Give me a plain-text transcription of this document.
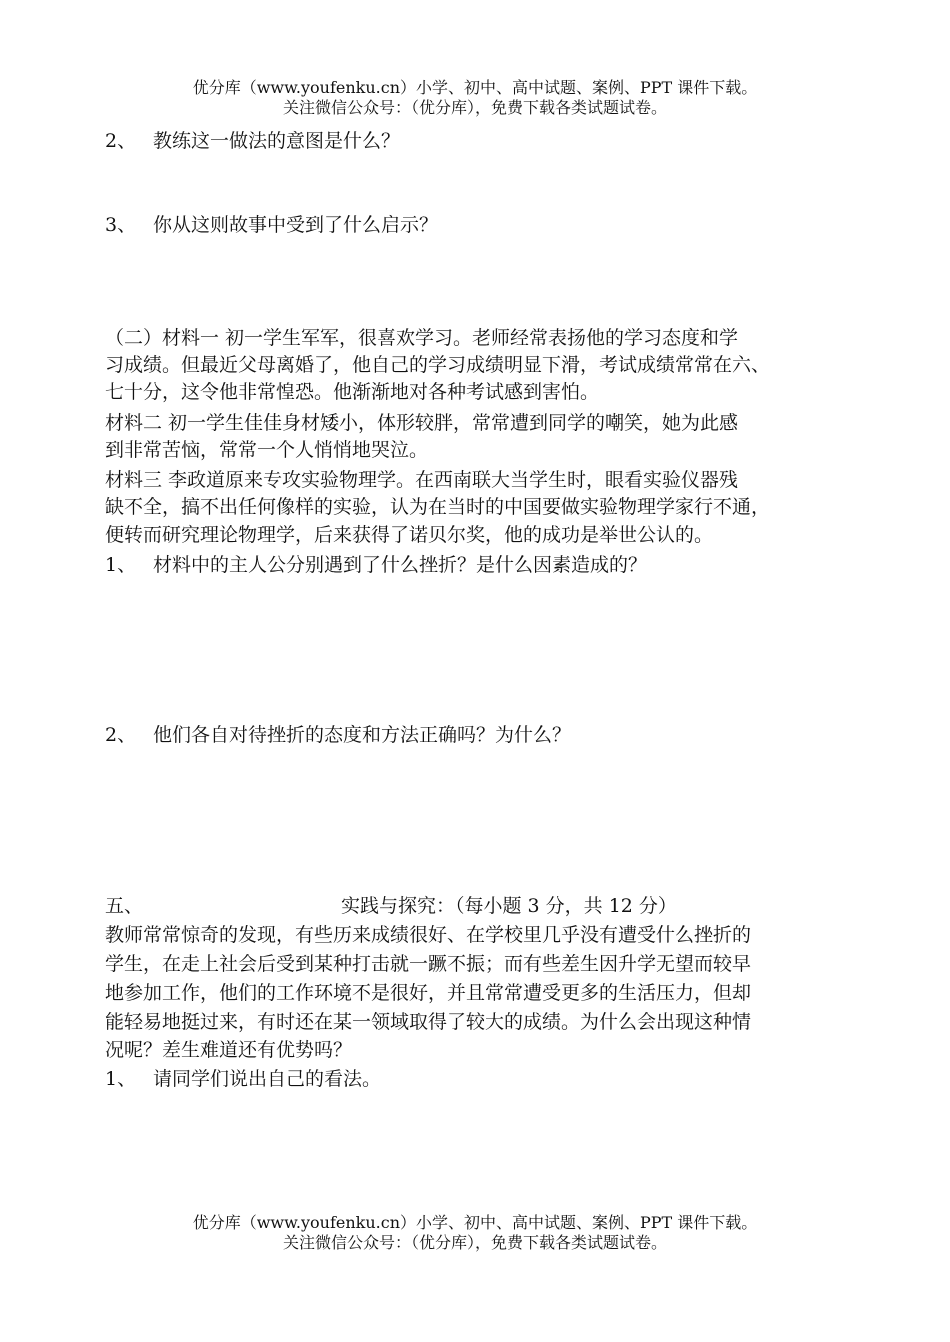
优分库（www.youfenku.cn）小学、初中、高中试题、案例、PPT 课件下载。
关注微信公众号：（优分库），免费下载各类试题试卷。
2、 教练这一做法的意图是什么？
3、 你从这则故事中受到了什么启示？
（二）材料一 初一学生军军，很喜欢学习。老师经常表扬他的学习态度和学
习成绩。但最近父母离婚了，他自己的学习成绩明显下滑，考试成绩常常在六、
七十分，这令他非常惶恐。他渐渐地对各种考试感到害怕。
材料二 初一学生佳佳身材矮小，体形较胖，常常遭到同学的嘲笑，她为此感
到非常苦恼，常常一个人悄悄地哭泣。
材料三 李政道原来专攻实验物理学。在西南联大当学生时，眼看实验仪器残
缺不全，搞不出任何像样的实验，认为在当时的中国要做实验物理学家行不通，
便转而研究理论物理学，后来获得了诺贝尔奖，他的成功是举世公认的。
1、 材料中的主人公分别遇到了什么挫折？是什么因素造成的？
2、 他们各自对待挫折的态度和方法正确吗？为什么？
五、	实践与探究：（每小题 3 分，共 12 分）
教师常常惊奇的发现，有些历来成绩很好、在学校里几乎没有遭受什么挫折的
学生，在走上社会后受到某种打击就一蹶不振；而有些差生因升学无望而较早
地参加工作，他们的工作环境不是很好，并且常常遭受更多的生活压力，但却
能轻易地挺过来，有时还在某一领域取得了较大的成绩。为什么会出现这种情
况呢？差生难道还有优势吗？
1、 请同学们说出自己的看法。
优分库（www.youfenku.cn）小学、初中、高中试题、案例、PPT 课件下载。
关注微信公众号：（优分库），免费下载各类试题试卷。
